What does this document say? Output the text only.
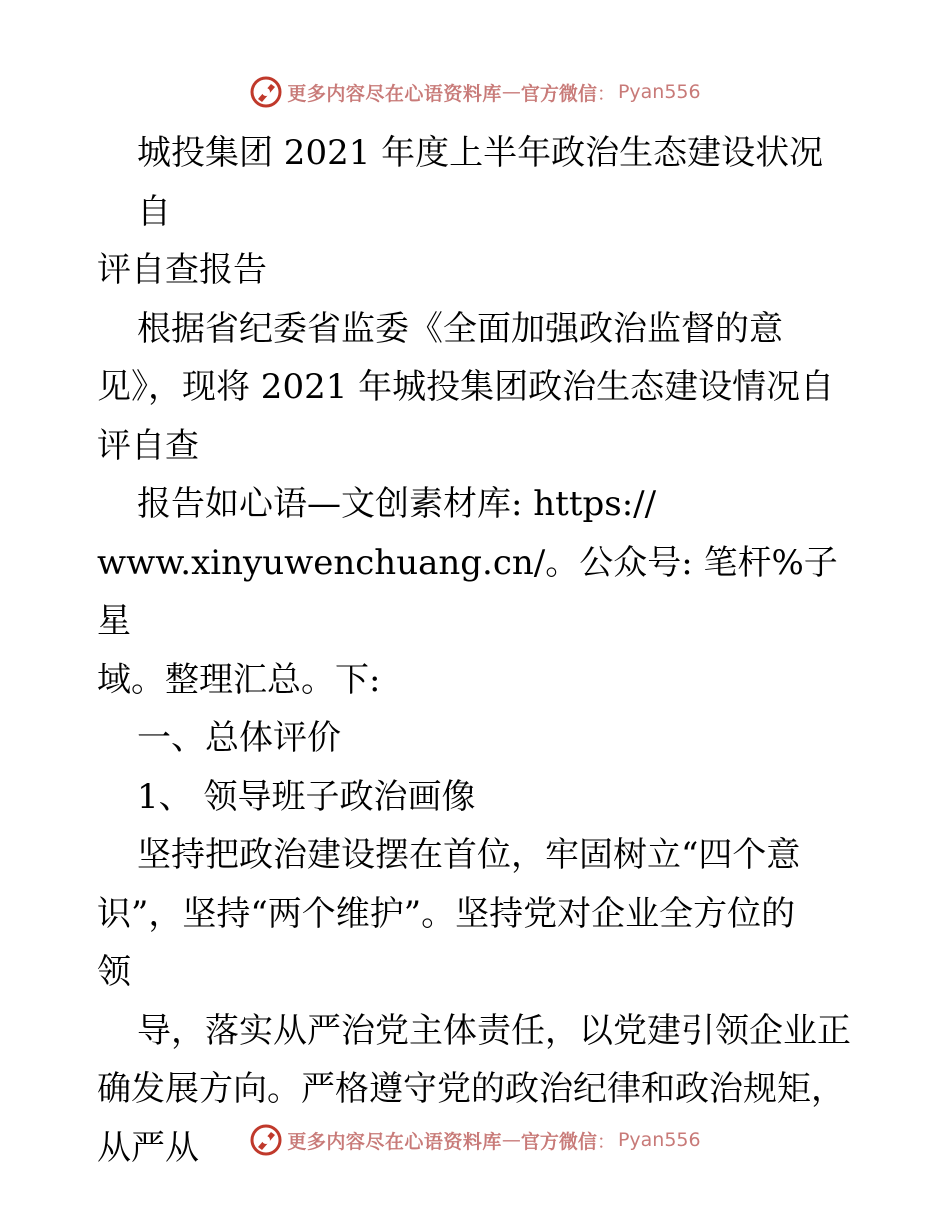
更多内容尽在心语资料库 — 官方微信 ： Pyan556

城投集团 2021 年度上半年政治生态建设状况自

评自查报告

根据省纪委省监委《全面加强政治监督的意

见》，现将 2021 年城投集团政治生态建设情况自

评自查

报告如心语—文创素材库: https://

www.xinyuwenchuang.cn/。公众号: 笔杆%子星

域。整理汇总。下:

一、总体评价

1、 领导班子政治画像

坚持把政治建设摆在首位，牢固树立“四个意

识”，坚持“两个维护”。坚持党对企业全方位的

领

导，落实从严治党主体责任，以党建引领企业正

确发展方向。严格遵守党的政治纪律和政治规矩，

从严从	更多内容尽在心语资料库 — 官方微信 ： Pyan556
